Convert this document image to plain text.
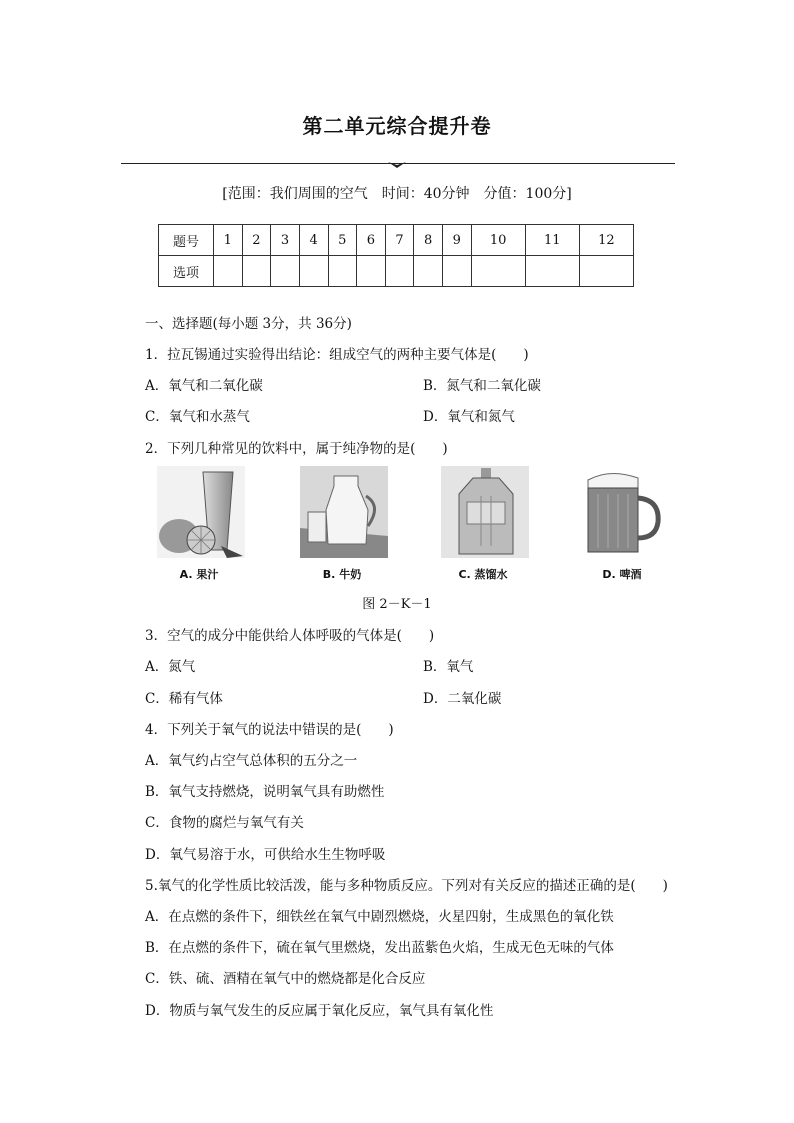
第二单元综合提升卷
[范围：我们周围的空气　时间：40分钟　分值：100分]
题号	1	2	3	4	5	6	7	8	9	10	11	12
选项												
一、选择题(每小题 3分，共 36分)
1．拉瓦锡通过实验得出结论：组成空气的两种主要气体是(　　)
A．氧气和二氧化碳	B．氮气和二氧化碳
C．氧气和水蒸气	D．氧气和氮气
2．下列几种常见的饮料中，属于纯净物的是(　　)
A. 果汁	B. 牛奶	C. 蒸馏水	D. 啤酒
图 2－K－1
3．空气的成分中能供给人体呼吸的气体是(　　)
A．氮气	B．氧气
C．稀有气体	D．二氧化碳
4．下列关于氧气的说法中错误的是(　　)
A．氧气约占空气总体积的五分之一
B．氧气支持燃烧，说明氧气具有助燃性
C．食物的腐烂与氧气有关
D．氧气易溶于水，可供给水生生物呼吸
5.氧气的化学性质比较活泼，能与多种物质反应。下列对有关反应的描述正确的是(　　)
A．在点燃的条件下，细铁丝在氧气中剧烈燃烧，火星四射，生成黑色的氧化铁
B．在点燃的条件下，硫在氧气里燃烧，发出蓝紫色火焰，生成无色无味的气体
C．铁、硫、酒精在氧气中的燃烧都是化合反应
D．物质与氧气发生的反应属于氧化反应，氧气具有氧化性
